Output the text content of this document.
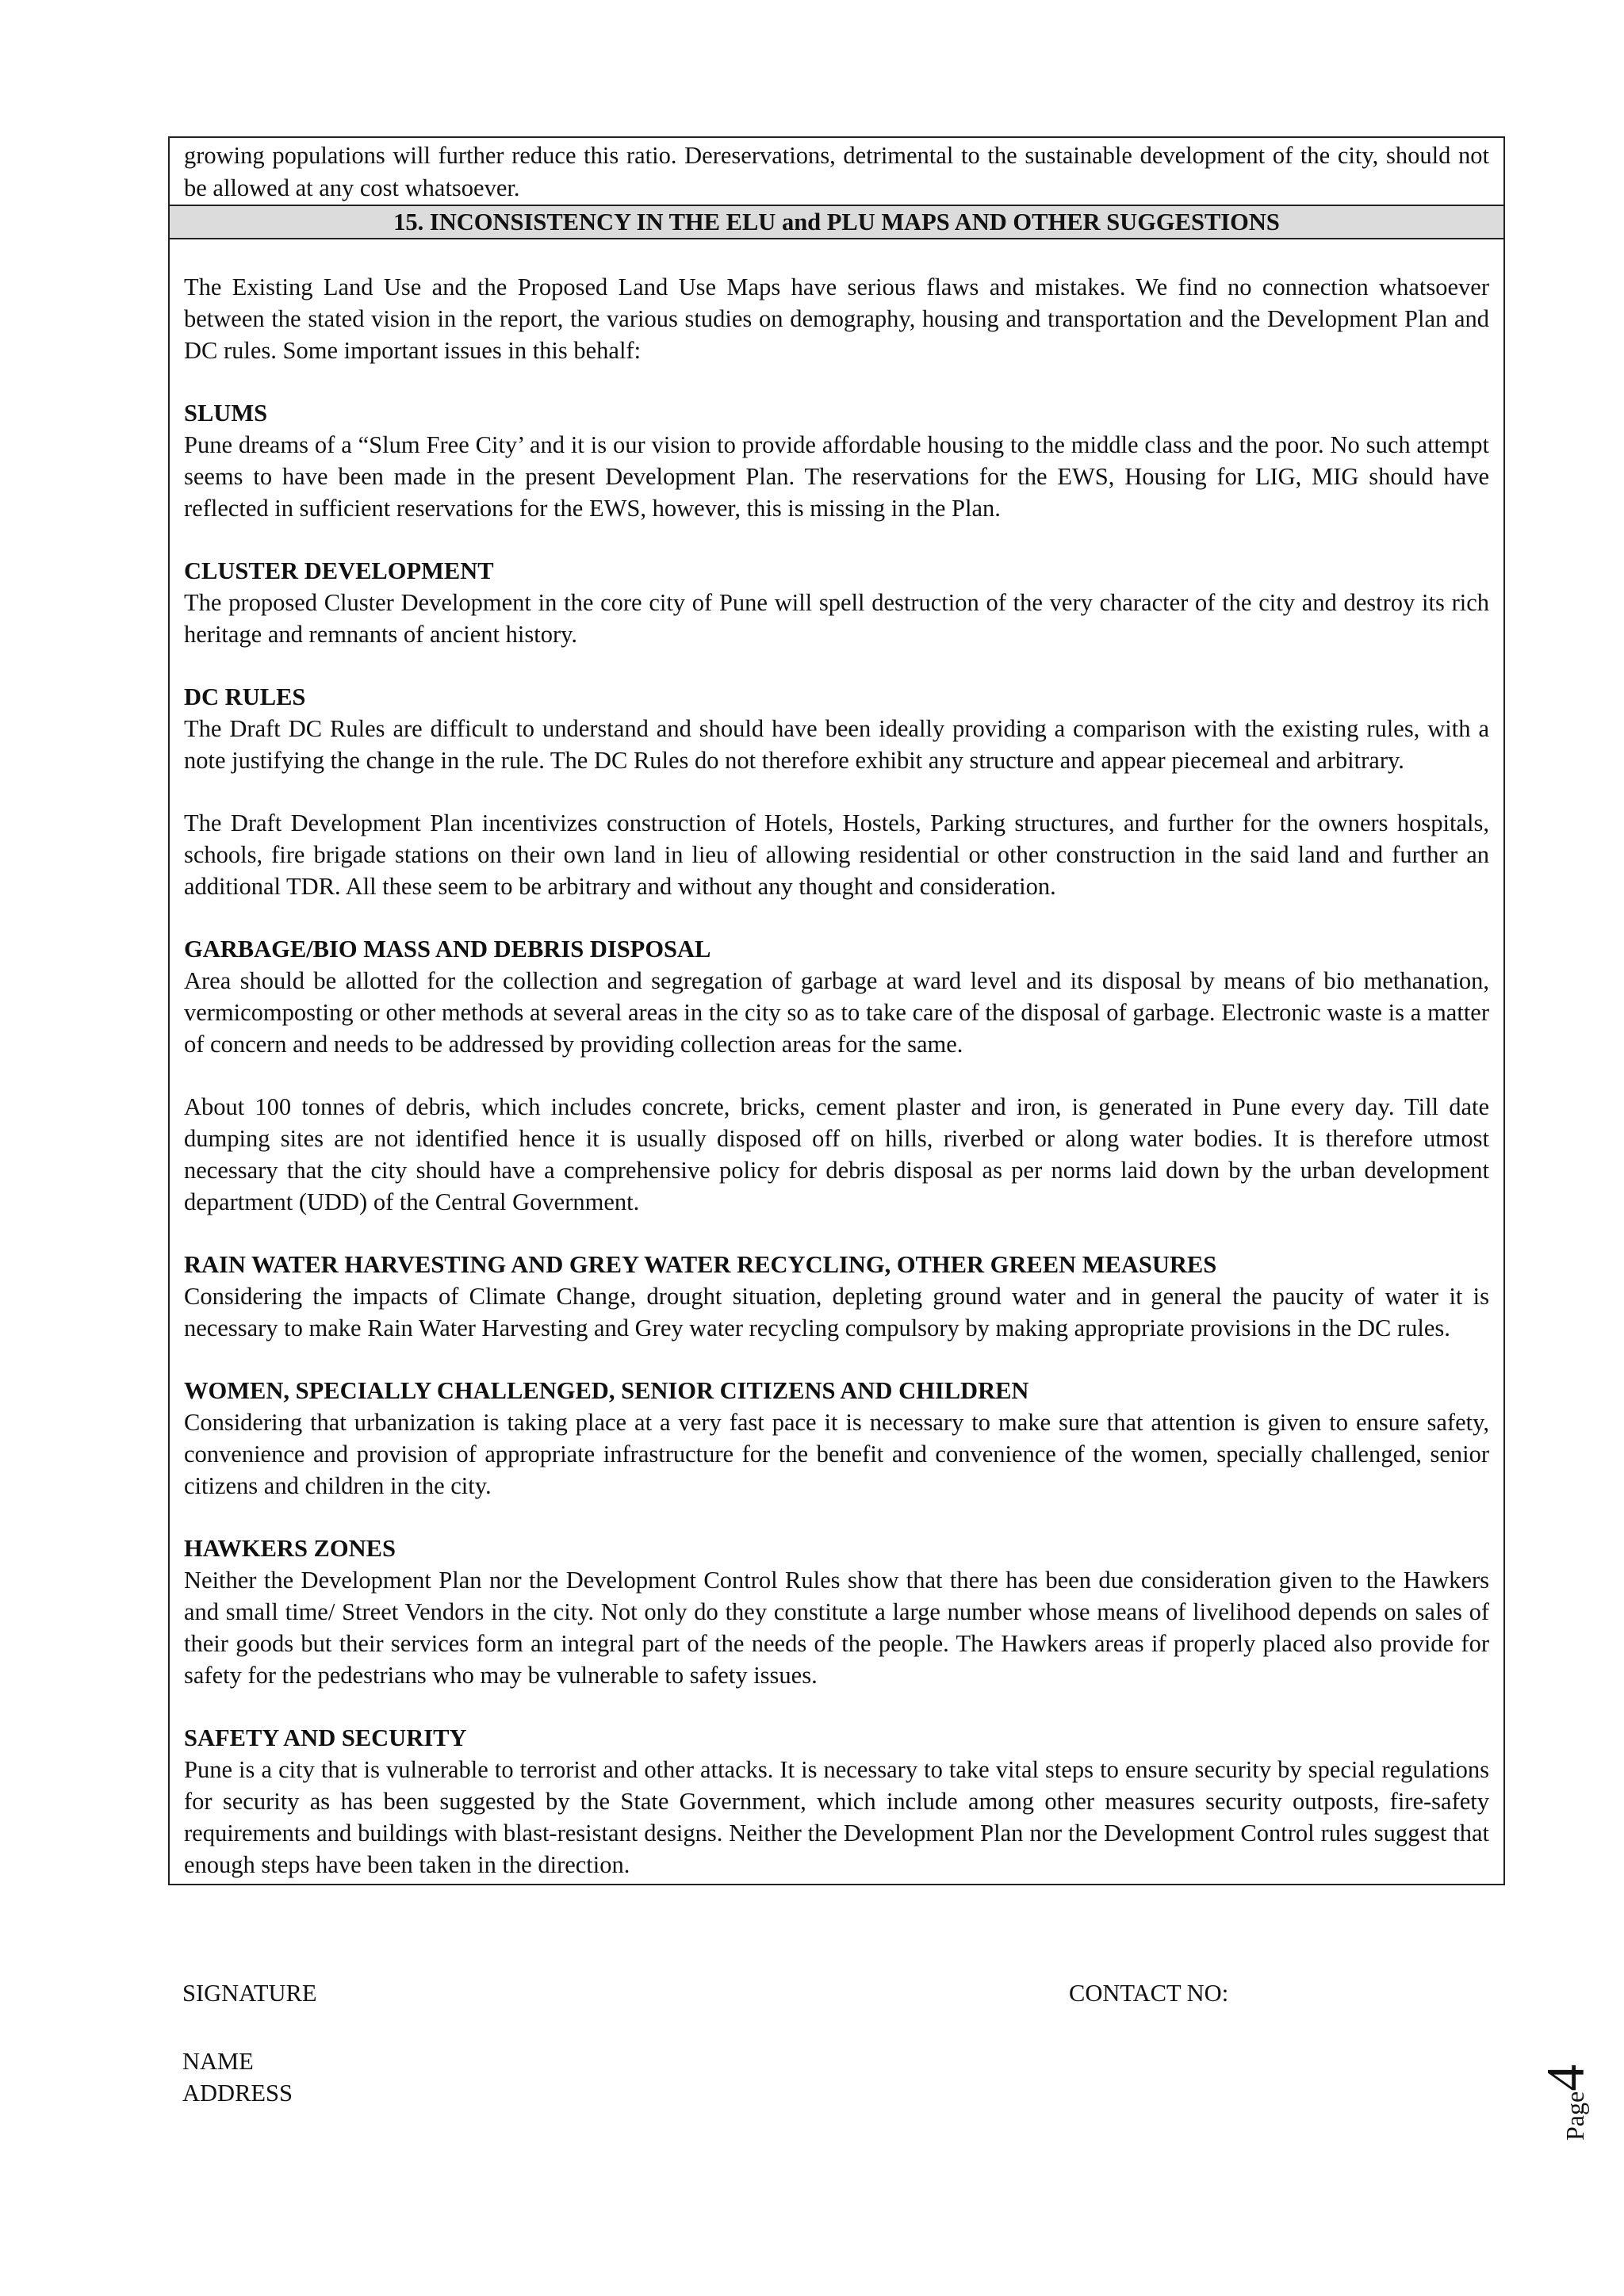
growing populations will further reduce this ratio. Dereservations, detrimental to the sustainable development of the city, should not be allowed at any cost whatsoever.
15. INCONSISTENCY IN THE ELU and PLU MAPS AND OTHER SUGGESTIONS

The Existing Land Use and the Proposed Land Use Maps have serious flaws and mistakes. We find no connection whatsoever between the stated vision in the report, the various studies on demography, housing and transportation and the Development Plan and DC rules. Some important issues in this behalf:

SLUMS
Pune dreams of a “Slum Free City’ and it is our vision to provide affordable housing to the middle class and the poor. No such attempt seems to have been made in the present Development Plan. The reservations for the EWS, Housing for LIG, MIG should have reflected in sufficient reservations for the EWS, however, this is missing in the Plan.

CLUSTER DEVELOPMENT
The proposed Cluster Development in the core city of Pune will spell destruction of the very character of the city and destroy its rich heritage and remnants of ancient history.

DC RULES
The Draft DC Rules are difficult to understand and should have been ideally providing a comparison with the existing rules, with a note justifying the change in the rule. The DC Rules do not therefore exhibit any structure and appear piecemeal and arbitrary.

The Draft Development Plan incentivizes construction of Hotels, Hostels, Parking structures, and further for the owners hospitals, schools, fire brigade stations on their own land in lieu of allowing residential or other construction in the said land and further an additional TDR. All these seem to be arbitrary and without any thought and consideration.

GARBAGE/BIO MASS AND DEBRIS DISPOSAL
Area should be allotted for the collection and segregation of garbage at ward level and its disposal by means of bio methanation, vermicomposting or other methods at several areas in the city so as to take care of the disposal of garbage. Electronic waste is a matter of concern and needs to be addressed by providing collection areas for the same.

About 100 tonnes of debris, which includes concrete, bricks, cement plaster and iron, is generated in Pune every day. Till date dumping sites are not identified hence it is usually disposed off on hills, riverbed or along water bodies. It is therefore utmost necessary that the city should have a comprehensive policy for debris disposal as per norms laid down by the urban development department (UDD) of the Central Government.

RAIN WATER HARVESTING AND GREY WATER RECYCLING, OTHER GREEN MEASURES
Considering the impacts of Climate Change, drought situation, depleting ground water and in general the paucity of water it is necessary to make Rain Water Harvesting and Grey water recycling compulsory by making appropriate provisions in the DC rules.

WOMEN, SPECIALLY CHALLENGED, SENIOR CITIZENS AND CHILDREN
Considering that urbanization is taking place at a very fast pace it is necessary to make sure that attention is given to ensure safety, convenience and provision of appropriate infrastructure for the benefit and convenience of the women, specially challenged, senior citizens and children in the city.

HAWKERS ZONES
Neither the Development Plan nor the Development Control Rules show that there has been due consideration given to the Hawkers and small time/ Street Vendors in the city. Not only do they constitute a large number whose means of livelihood depends on sales of their goods but their services form an integral part of the needs of the people. The Hawkers areas if properly placed also provide for safety for the pedestrians who may be vulnerable to safety issues.

SAFETY AND SECURITY
Pune is a city that is vulnerable to terrorist and other attacks. It is necessary to take vital steps to ensure security by special regulations for security as has been suggested by the State Government, which include among other measures security outposts, fire-safety requirements and buildings with blast-resistant designs. Neither the Development Plan nor the Development Control rules suggest that enough steps have been taken in the direction.

SIGNATURE	CONTACT NO:
NAME
ADDRESS	Page4
